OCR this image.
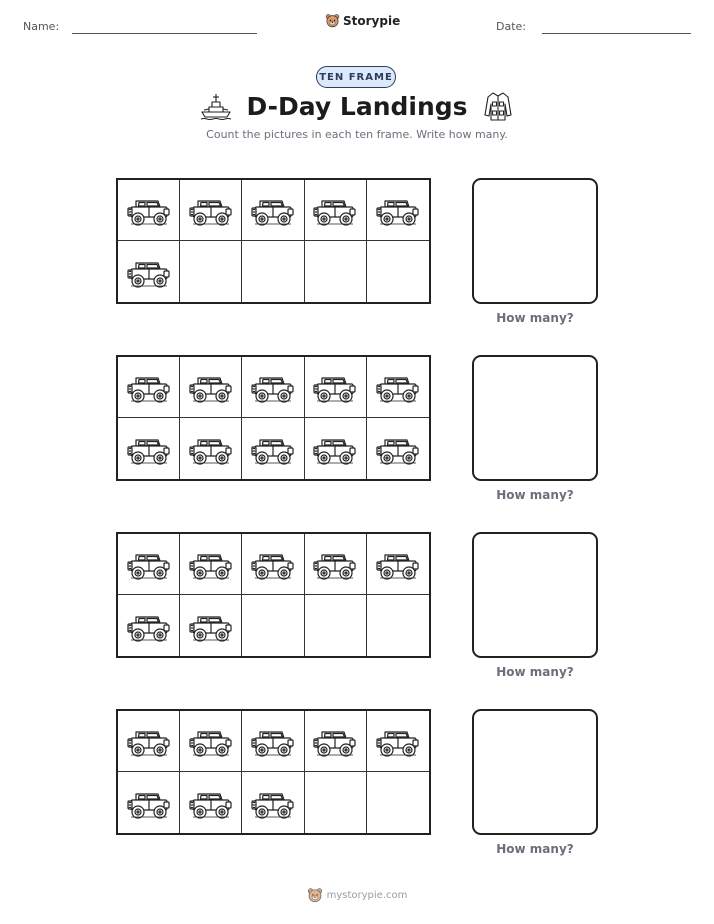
Name:	Storypie	Date:
TEN FRAME
D-Day Landings
Count the pictures in each ten frame. Write how many.
How many?
How many?
How many?
How many?
mystorypie.com
